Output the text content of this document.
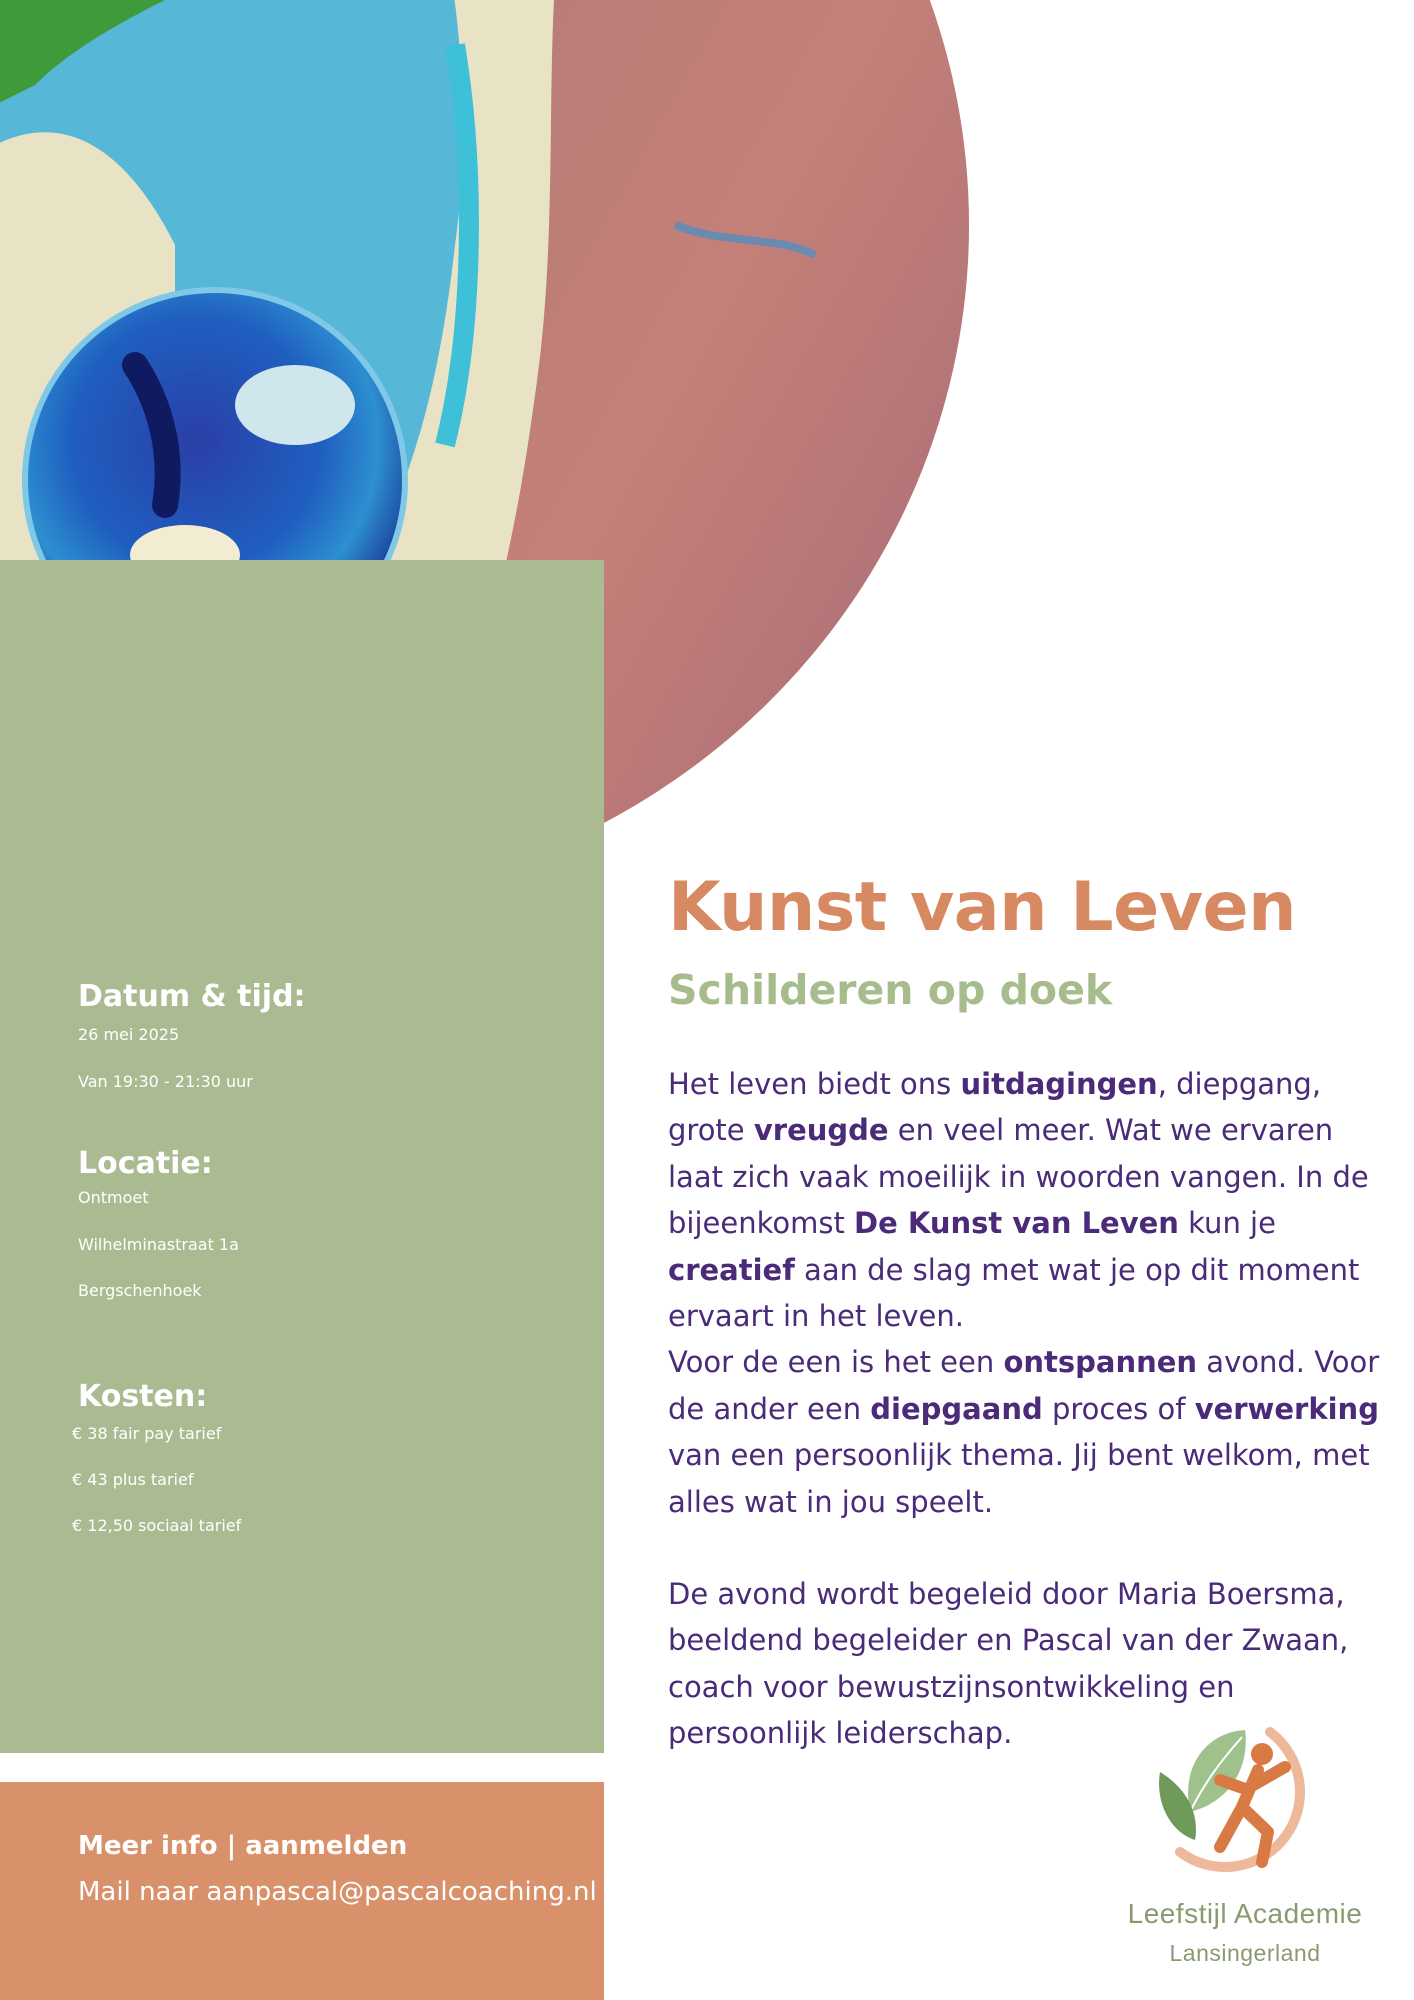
Datum & tijd:
26 mei 2025
Van 19:30 - 21:30 uur
Locatie:
Ontmoet
Wilhelminastraat 1a
Bergschenhoek
Kosten:
€ 38 fair pay tarief
€ 43 plus tarief
€ 12,50 sociaal tarief
Kunst van Leven
Schilderen op doek

Het leven biedt ons uitdagingen, diepgang, grote vreugde en veel meer. Wat we ervaren laat zich vaak moeilijk in woorden vangen. In de bijeenkomst De Kunst van Leven kun je creatief aan de slag met wat je op dit moment ervaart in het leven.

Voor de een is het een ontspannen avond. Voor de ander een diepgaand proces of verwerking van een persoonlijk thema. Jij bent welkom, met alles wat in jou speelt.

De avond wordt begeleid door Maria Boersma, beeldend begeleider en Pascal van der Zwaan, coach voor bewustzijnsontwikkeling en persoonlijk leiderschap.

Meer info | aanmelden
Mail naar aanpascal@pascalcoaching.nl
Leefstijl Academie
Lansingerland
